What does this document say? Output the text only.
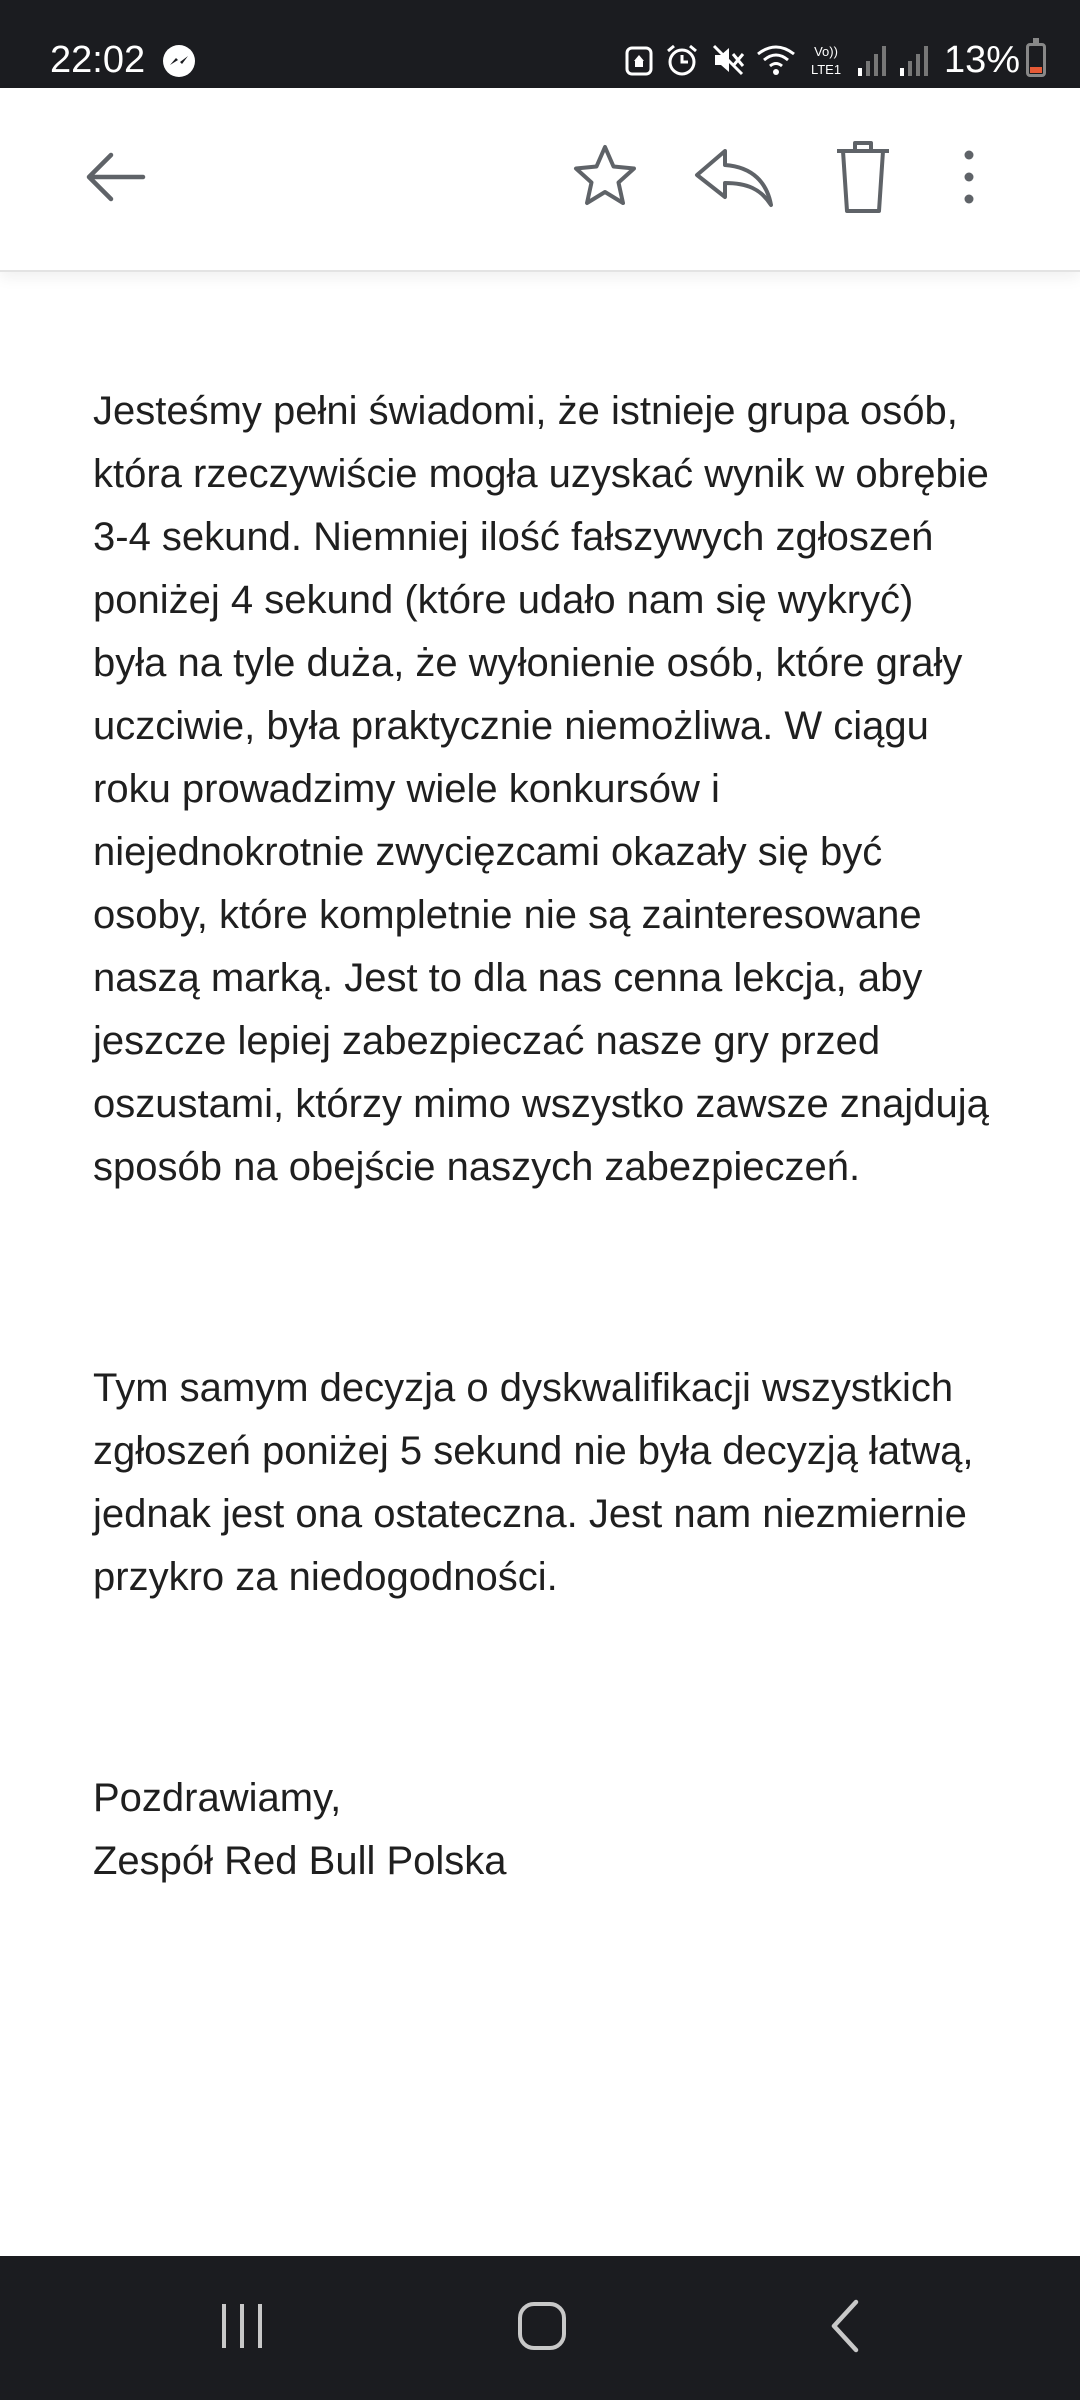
22:02	Vo))
LTE1	13%

Jesteśmy pełni świadomi, że istnieje grupa osób, która rzeczywiście mogła uzyskać wynik w obrębie 3-4 sekund. Niemniej ilość fałszywych zgłoszeń poniżej 4 sekund (które udało nam się wykryć) była na tyle duża, że wyłonienie osób, które grały uczciwie, była praktycznie niemożliwa. W ciągu roku prowadzimy wiele konkursów i niejednokrotnie zwycięzcami okazały się być osoby, które kompletnie nie są zainteresowane naszą marką. Jest to dla nas cenna lekcja, aby jeszcze lepiej zabezpieczać nasze gry przed oszustami, którzy mimo wszystko zawsze znajdują sposób na obejście naszych zabezpieczeń.

Tym samym decyzja o dyskwalifikacji wszystkich zgłoszeń poniżej 5 sekund nie była decyzją łatwą, jednak jest ona ostateczna. Jest nam niezmiernie przykro za niedogodności.

Pozdrawiamy,

Zespół Red Bull Polska
